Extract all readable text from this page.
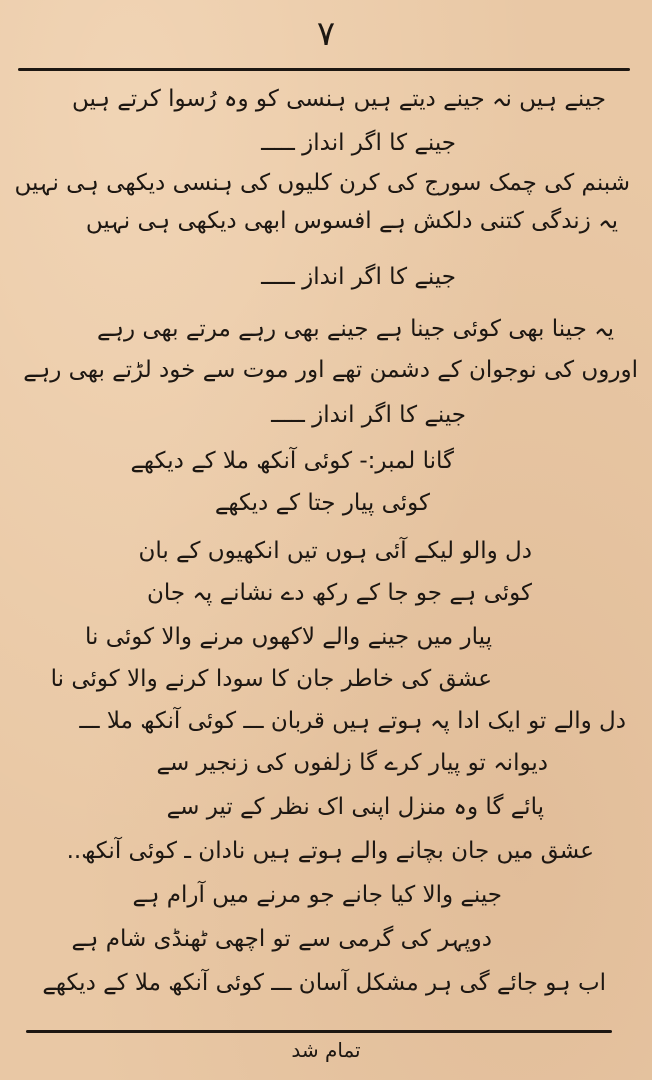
۷
جینے ہیں نہ جینے دیتے ہیں ہنسی کو وہ رُسوا کرتے ہیں
جینے کا اگر انداز ـــــ
شبنم کی چمک سورج کی کرن کلیوں کی ہنسی دیکھی ہی نہیں
یہ زندگی کتنی دلکش ہے افسوس ابھی دیکھی ہی نہیں
جینے کا اگر انداز ـــــ
یہ جینا بھی کوئی جینا ہے جینے بھی رہے مرتے بھی رہے
اوروں کی نوجوان کے دشمن تھے اور موت سے خود لڑتے بھی رہے
جینے کا اگر انداز ـــــ
گانا لمبر:- کوئی آنکھ ملا کے دیکھے
کوئی پیار جتا کے دیکھے
دل والو لیکے آئی ہوں تیں انکھیوں کے بان
کوئی ہے جو جا کے رکھ دے نشانے پہ جان
پیار میں جینے والے لاکھوں مرنے والا کوئی نا
عشق کی خاطر جان کا سودا کرنے والا کوئی نا
دل والے تو ایک ادا پہ ہوتے ہیں قربان ـــ کوئی آنکھ ملا ـــ
دیوانہ تو پیار کرے گا زلفوں کی زنجیر سے
پائے گا وہ منزل اپنی اک نظر کے تیر سے
عشق میں جان بچانے والے ہوتے ہیں نادان ـ کوئی آنکھ..
جینے والا کیا جانے جو مرنے میں آرام ہے
دوپہر کی گرمی سے تو اچھی ٹھنڈی شام ہے
اب ہو جائے گی ہر مشکل آسان ـــ کوئی آنکھ ملا کے دیکھے
تمام شد
